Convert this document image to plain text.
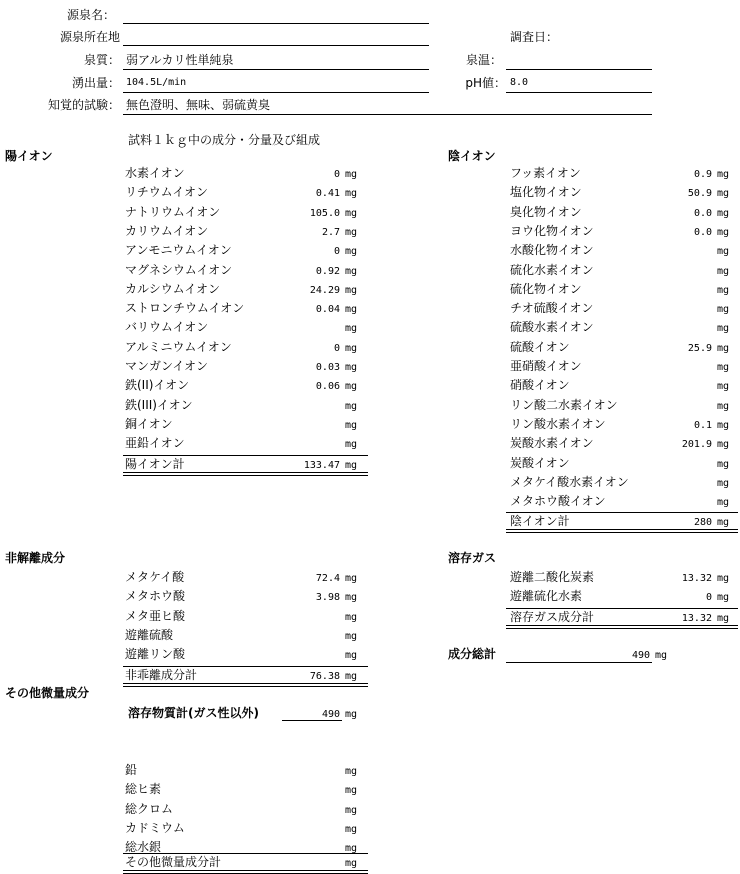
源泉名：
源泉所在地	調査日：
泉質： 弱アルカリ性単純泉	泉温：
湧出量： 104.5L/min	pH値： 8.0
知覚的試験： 無色澄明、無味、弱硫黄臭
試料１ｋｇ中の成分・分量及び組成
陽イオン	陰イオン
非解離成分	溶存ガス
その他微量成分
水素イオン	0 mg
リチウムイオン	0.41 mg
ナトリウムイオン	105.0 mg
カリウムイオン	2.7 mg
アンモニウムイオン	0 mg
マグネシウムイオン	0.92 mg
カルシウムイオン	24.29 mg
ストロンチウムイオン	0.04 mg
バリウムイオン	mg
アルミニウムイオン	0 mg
マンガンイオン	0.03 mg
鉄(II)イオン	0.06 mg
鉄(III)イオン	mg
銅イオン	mg
亜鉛イオン	mg
陽イオン計	133.47 mg
フッ素イオン	0.9 mg
塩化物イオン	50.9 mg
臭化物イオン	0.0 mg
ヨウ化物イオン	0.0 mg
水酸化物イオン	mg
硫化水素イオン	mg
硫化物イオン	mg
チオ硫酸イオン	mg
硫酸水素イオン	mg
硫酸イオン	25.9 mg
亜硝酸イオン	mg
硝酸イオン	mg
リン酸二水素イオン	mg
リン酸水素イオン	0.1 mg
炭酸水素イオン	201.9 mg
炭酸イオン	mg
メタケイ酸水素イオン	mg
メタホウ酸イオン	mg
陰イオン計	280 mg
メタケイ酸	72.4 mg
メタホウ酸	3.98 mg
メタ亜ヒ酸	mg
遊離硫酸	mg
遊離リン酸	mg
非乖離成分計	76.38 mg
遊離二酸化炭素	13.32 mg
遊離硫化水素	0 mg
溶存ガス成分計	13.32 mg
鉛	mg
総ヒ素	mg
総クロム	mg
カドミウム	mg
総水銀	mg
その他微量成分計	mg
成分総計	490 mg
溶存物質計(ガス性以外)	490 mg
